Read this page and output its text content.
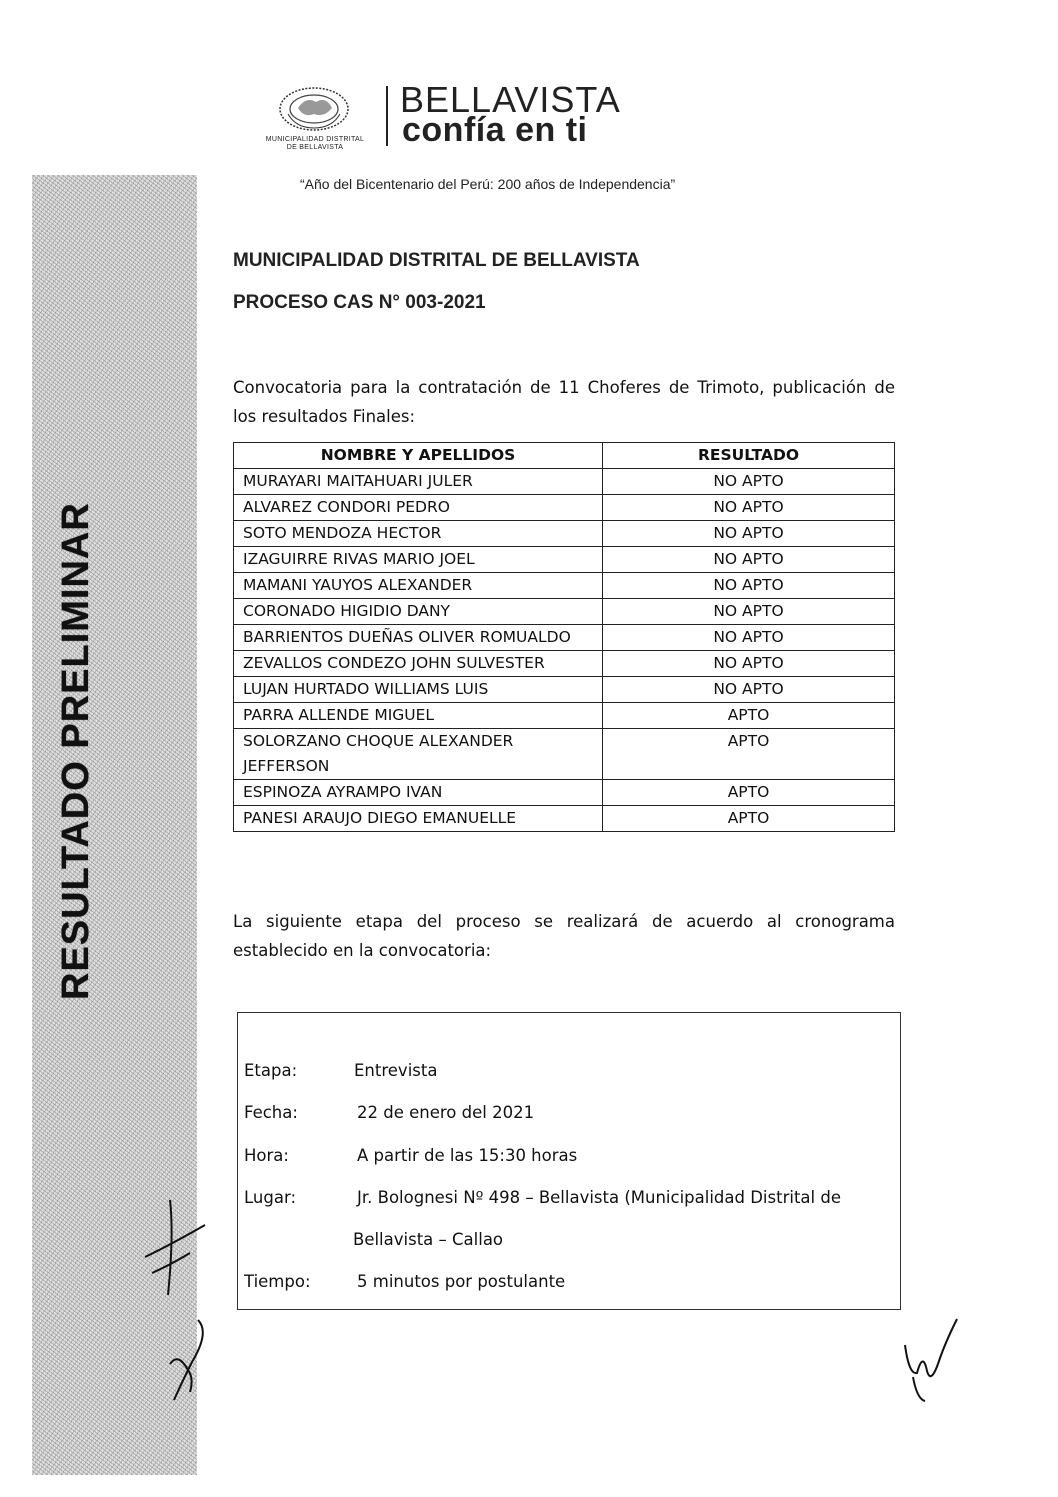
RESULTADO PRELIMINAR
MUNICIPALIDAD DISTRITAL
DE BELLAVISTA
BELLAVISTA
confía en ti
“Año del Bicentenario del Perú: 200 años de Independencia”
MUNICIPALIDAD DISTRITAL DE BELLAVISTA
PROCESO CAS N° 003-2021
Convocatoria para la contratación de 11 Choferes de Trimoto, publicación de los resultados Finales:
NOMBRE Y APELLIDOS	RESULTADO
MURAYARI MAITAHUARI JULER	NO APTO
ALVAREZ CONDORI PEDRO	NO APTO
SOTO MENDOZA HECTOR	NO APTO
IZAGUIRRE RIVAS MARIO JOEL	NO APTO
MAMANI YAUYOS ALEXANDER	NO APTO
CORONADO HIGIDIO DANY	NO APTO
BARRIENTOS DUEÑAS OLIVER ROMUALDO	NO APTO
ZEVALLOS CONDEZO JOHN SULVESTER	NO APTO
LUJAN HURTADO WILLIAMS LUIS	NO APTO
PARRA ALLENDE MIGUEL	APTO
SOLORZANO CHOQUE ALEXANDER JEFFERSON	APTO
ESPINOZA AYRAMPO IVAN	APTO
PANESI ARAUJO DIEGO EMANUELLE	APTO
La siguiente etapa del proceso se realizará de acuerdo al cronograma establecido en la convocatoria:
Etapa:	Entrevista
Fecha:	22 de enero del 2021
Hora:	A partir de las 15:30 horas
Lugar:	Jr. Bolognesi Nº 498 – Bellavista (Municipalidad Distrital de
Bellavista – Callao
Tiempo:	5 minutos por postulante
